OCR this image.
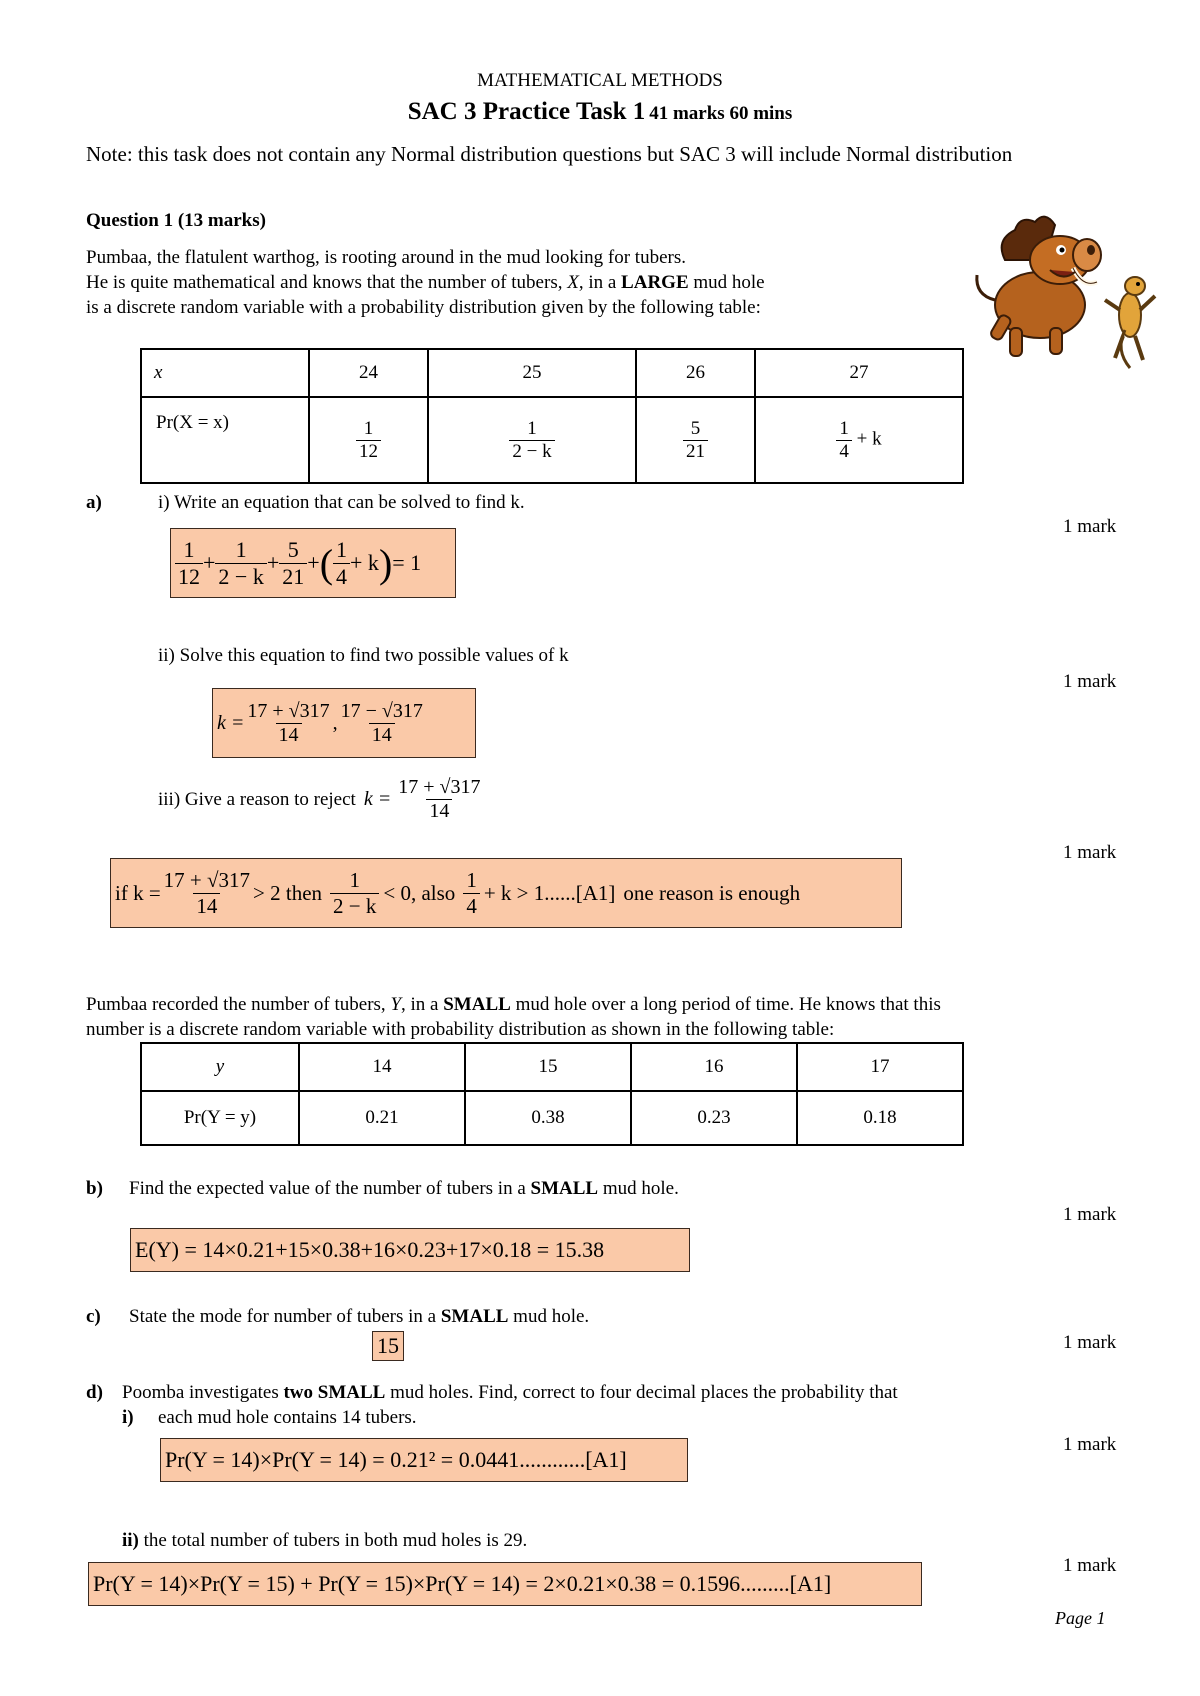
MATHEMATICAL METHODS
SAC 3 Practice Task 1 41 marks 60 mins
Note: this task does not contain any Normal distribution questions but SAC 3 will include Normal distribution
Question 1 (13 marks)
Pumbaa, the flatulent warthog, is rooting around in the mud looking for tubers.
He is quite mathematical and knows that the number of tubers, X, in a LARGE mud hole
is a discrete random variable with a probability distribution given by the following table:
x	24	25	26	27
Pr(X = x)	$\frac{1}{12}$	$\frac{1}{2 - k}$	$\frac{5}{21}$	$\frac{1}{4} + k$
a)	i) Write an equation that can be solved to find k.
1 mark
$\frac{1}{12} + \frac{1}{2 - k} + \frac{5}{21}$ + ( $\frac{1}{4} + k$ ) = 1
ii) Solve this equation to find two possible values of k
1 mark
$k = \frac{17 + √317}{14}$ , $\frac{17 - √317}{14}$
iii) Give a reason to reject $k = \frac{17 + √317}{14}$
1 mark
if $k = \frac{17 + √317}{14} > 2$ then $\frac{1}{2 - k} < 0$, also $\frac{1}{4} + k > 1......[A1]$ one reason is enough
Pumbaa recorded the number of tubers, Y, in a SMALL mud hole over a long period of time. He knows that this
number is a discrete random variable with probability distribution as shown in the following table:
y	14	15	16	17
Pr(Y = y)	0.21	0.38	0.23	0.18
b) Find the expected value of the number of tubers in a SMALL mud hole.
1 mark
E(Y) = 14×0.21+15×0.38+16×0.23+17×0.18 = 15.38
c) State the mode for number of tubers in a SMALL mud hole.
1 mark
15
d) Poomba investigates two SMALL mud holes. Find, correct to four decimal places the probability that
i) each mud hole contains 14 tubers.
1 mark
Pr(Y = 14)×Pr(Y = 14) = 0.21² = 0.0441............[A1]
ii) the total number of tubers in both mud holes is 29.
1 mark
Pr(Y = 14)×Pr(Y = 15) + Pr(Y = 15)×Pr(Y = 14) = 2×0.21×0.38 = 0.1596.........[A1]
Page 1
